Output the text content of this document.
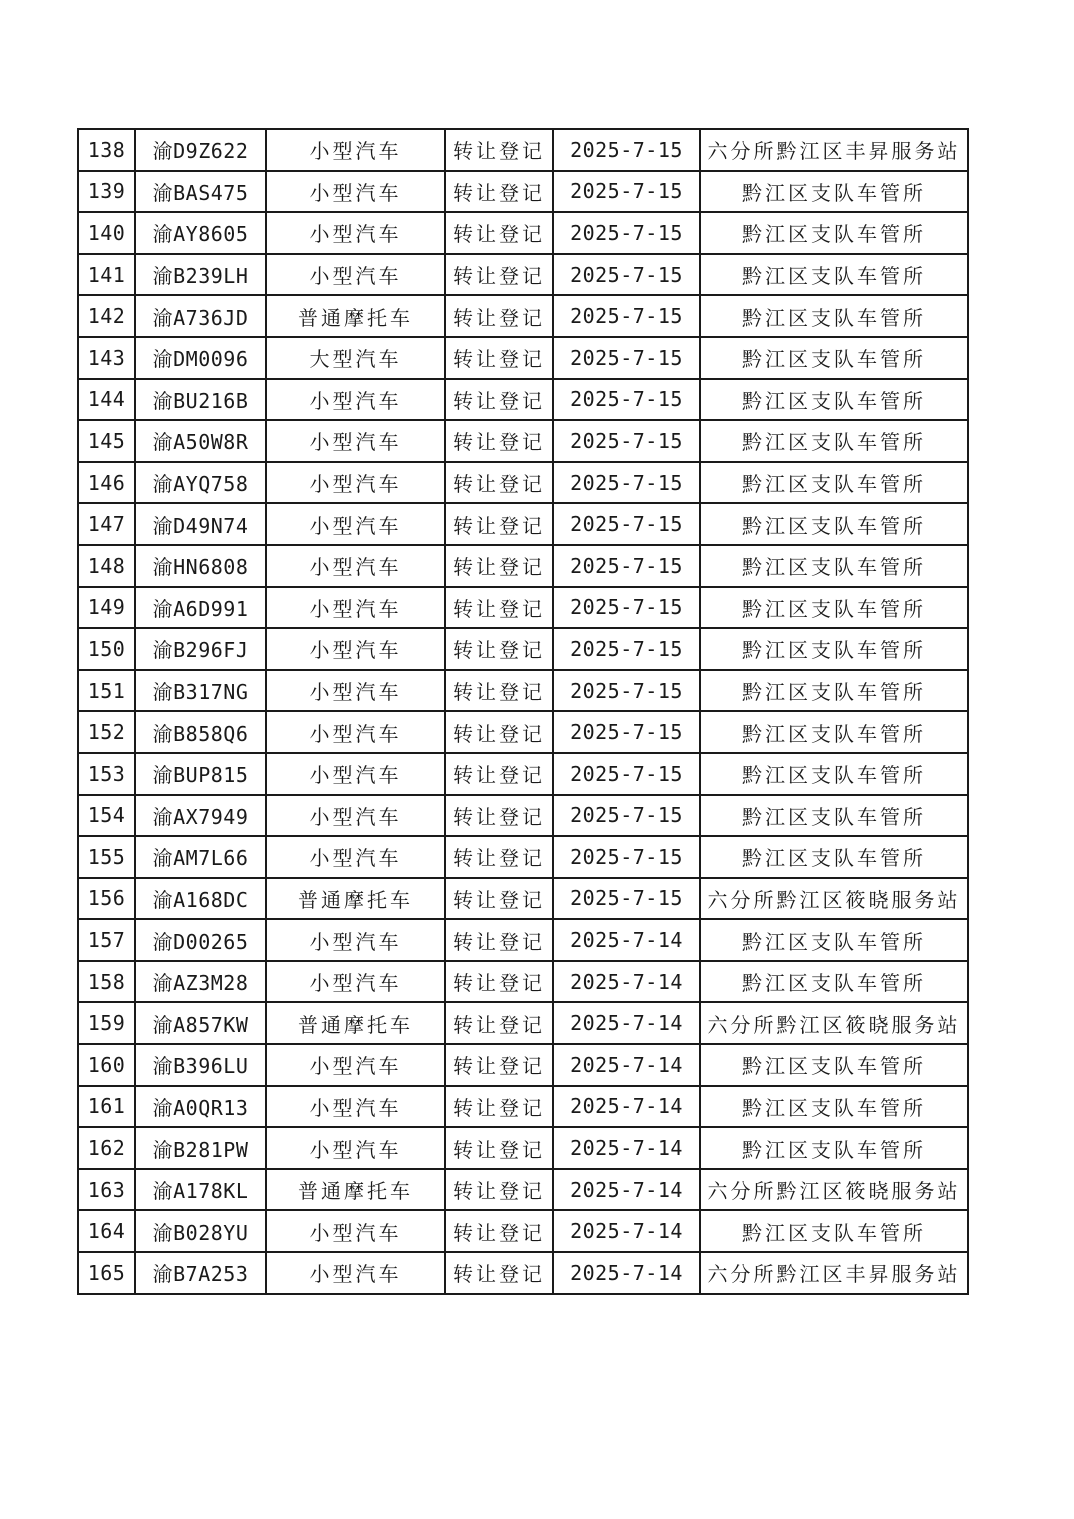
138	渝D9Z622	小型汽车	转让登记	2025-7-15	六分所黔江区丰昇服务站
139	渝BAS475	小型汽车	转让登记	2025-7-15	黔江区支队车管所
140	渝AY8605	小型汽车	转让登记	2025-7-15	黔江区支队车管所
141	渝B239LH	小型汽车	转让登记	2025-7-15	黔江区支队车管所
142	渝A736JD	普通摩托车	转让登记	2025-7-15	黔江区支队车管所
143	渝DM0096	大型汽车	转让登记	2025-7-15	黔江区支队车管所
144	渝BU216B	小型汽车	转让登记	2025-7-15	黔江区支队车管所
145	渝A50W8R	小型汽车	转让登记	2025-7-15	黔江区支队车管所
146	渝AYQ758	小型汽车	转让登记	2025-7-15	黔江区支队车管所
147	渝D49N74	小型汽车	转让登记	2025-7-15	黔江区支队车管所
148	渝HN6808	小型汽车	转让登记	2025-7-15	黔江区支队车管所
149	渝A6D991	小型汽车	转让登记	2025-7-15	黔江区支队车管所
150	渝B296FJ	小型汽车	转让登记	2025-7-15	黔江区支队车管所
151	渝B317NG	小型汽车	转让登记	2025-7-15	黔江区支队车管所
152	渝B858Q6	小型汽车	转让登记	2025-7-15	黔江区支队车管所
153	渝BUP815	小型汽车	转让登记	2025-7-15	黔江区支队车管所
154	渝AX7949	小型汽车	转让登记	2025-7-15	黔江区支队车管所
155	渝AM7L66	小型汽车	转让登记	2025-7-15	黔江区支队车管所
156	渝A168DC	普通摩托车	转让登记	2025-7-15	六分所黔江区筱晓服务站
157	渝D00265	小型汽车	转让登记	2025-7-14	黔江区支队车管所
158	渝AZ3M28	小型汽车	转让登记	2025-7-14	黔江区支队车管所
159	渝A857KW	普通摩托车	转让登记	2025-7-14	六分所黔江区筱晓服务站
160	渝B396LU	小型汽车	转让登记	2025-7-14	黔江区支队车管所
161	渝A0QR13	小型汽车	转让登记	2025-7-14	黔江区支队车管所
162	渝B281PW	小型汽车	转让登记	2025-7-14	黔江区支队车管所
163	渝A178KL	普通摩托车	转让登记	2025-7-14	六分所黔江区筱晓服务站
164	渝B028YU	小型汽车	转让登记	2025-7-14	黔江区支队车管所
165	渝B7A253	小型汽车	转让登记	2025-7-14	六分所黔江区丰昇服务站
